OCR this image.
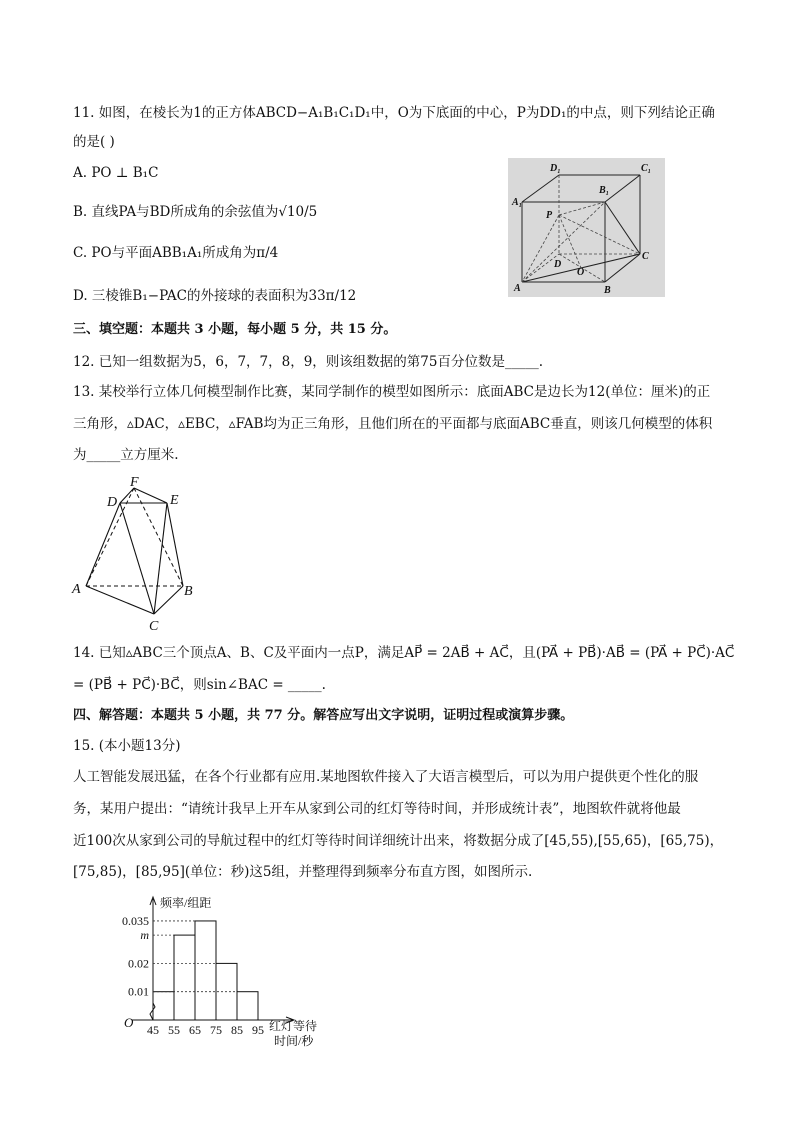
11. 如图，在棱长为1的正方体ABCD−A₁B₁C₁D₁中，O为下底面的中心，P为DD₁的中点，则下列结论正确
的是( )
A. PO ⊥ B₁C
B. 直线PA与BD所成角的余弦值为√10/5
C. PO与平面ABB₁A₁所成角为π/4
D. 三棱锥B₁−PAC的外接球的表面积为33π/12
D₁	C₁
A₁
B₁
P
D
O
A	B
C
三、填空题：本题共 3 小题，每小题 5 分，共 15 分。
12. 已知一组数据为5，6，7，7，8，9，则该组数据的第75百分位数是_____.
13. 某校举行立体几何模型制作比赛，某同学制作的模型如图所示：底面ABC是边长为12(单位：厘米)的正
三角形，▵DAC，▵EBC，▵FAB均为正三角形，且他们所在的平面都与底面ABC垂直，则该几何模型的体积
为_____立方厘米.
F
D	E
A	B
C
14. 已知▵ABC三个顶点A、B、C及平面内一点P，满足AP⃗ = 2AB⃗ + AC⃗，且(PA⃗ + PB⃗)·AB⃗ = (PA⃗ + PC⃗)·AC⃗
= (PB⃗ + PC⃗)·BC⃗，则sin∠BAC = _____.
四、解答题：本题共 5 小题，共 77 分。解答应写出文字说明，证明过程或演算步骤。
15. (本小题13分)
人工智能发展迅猛，在各个行业都有应用.某地图软件接入了大语言模型后，可以为用户提供更个性化的服
务，某用户提出：“请统计我早上开车从家到公司的红灯等待时间，并形成统计表”，地图软件就将他最
近100次从家到公司的导航过程中的红灯等待时间详细统计出来，将数据分成了[45,55),[55,65)，[65,75)，
[75,85)，[85,95](单位：秒)这5组，并整理得到频率分布直方图，如图所示.
0.035
m
0.02
0.01
45 55 65 75 85 95
频率/组距
红灯等待
时间/秒
O
